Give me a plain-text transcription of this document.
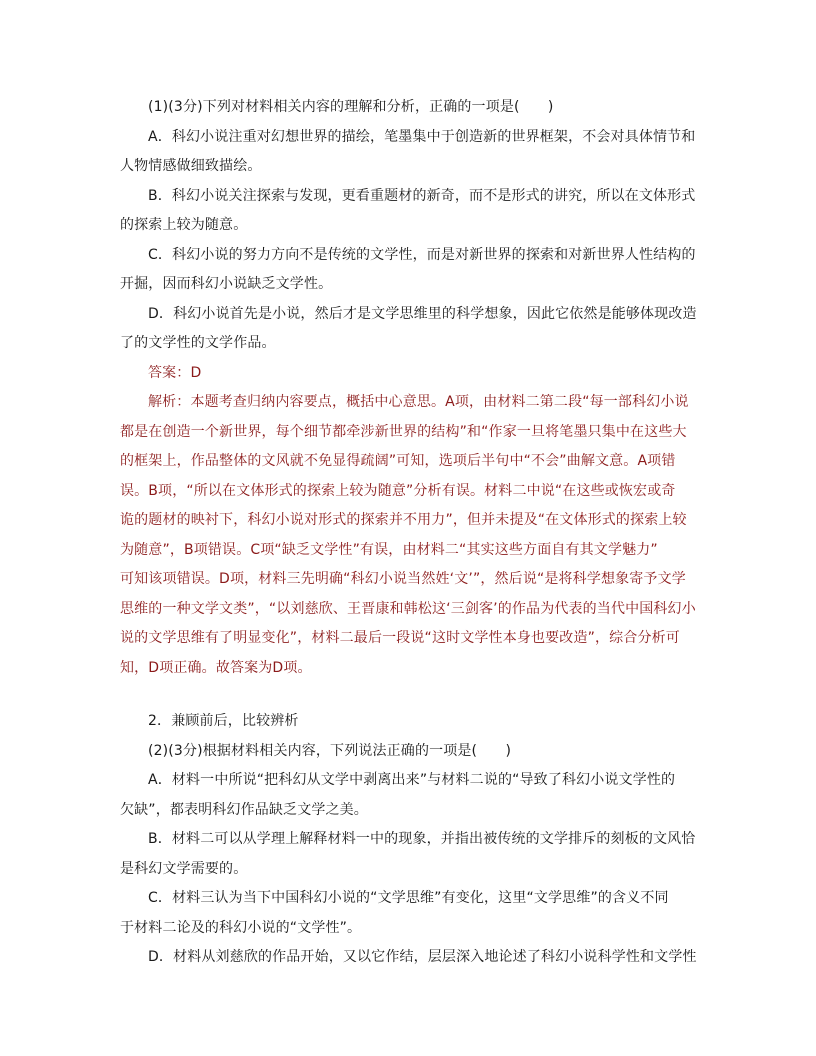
(1)(3分)下列对材料相关内容的理解和分析，正确的一项是(　　)
A．科幻小说注重对幻想世界的描绘，笔墨集中于创造新的世界框架，不会对具体情节和
人物情感做细致描绘。
B．科幻小说关注探索与发现，更看重题材的新奇，而不是形式的讲究，所以在文体形式
的探索上较为随意。
C．科幻小说的努力方向不是传统的文学性，而是对新世界的探索和对新世界人性结构的
开掘，因而科幻小说缺乏文学性。
D．科幻小说首先是小说，然后才是文学思维里的科学想象，因此它依然是能够体现改造
了的文学性的文学作品。
答案：D
解析：本题考查归纳内容要点，概括中心意思。A项，由材料二第二段“每一部科幻小说
都是在创造一个新世界，每个细节都牵涉新世界的结构”和“作家一旦将笔墨只集中在这些大
的框架上，作品整体的文风就不免显得疏阔”可知，选项后半句中“不会”曲解文意。A项错
误。B项，“所以在文体形式的探索上较为随意”分析有误。材料二中说“在这些或恢宏或奇
诡的题材的映衬下，科幻小说对形式的探索并不用力”，但并未提及“在文体形式的探索上较
为随意”，B项错误。C项“缺乏文学性”有误，由材料二“其实这些方面自有其文学魅力”
可知该项错误。D项，材料三先明确“科幻小说当然姓‘文’”，然后说“是将科学想象寄予文学
思维的一种文学文类”，“以刘慈欣、王晋康和韩松这‘三剑客’的作品为代表的当代中国科幻小
说的文学思维有了明显变化”，材料二最后一段说“这时文学性本身也要改造”，综合分析可
知，D项正确。故答案为D项。
2．兼顾前后，比较辨析
(2)(3分)根据材料相关内容，下列说法正确的一项是(　　)
A．材料一中所说“把科幻从文学中剥离出来”与材料二说的“导致了科幻小说文学性的
欠缺”，都表明科幻作品缺乏文学之美。
B．材料二可以从学理上解释材料一中的现象，并指出被传统的文学排斥的刻板的文风恰
是科幻文学需要的。
C．材料三认为当下中国科幻小说的“文学思维”有变化，这里“文学思维”的含义不同
于材料二论及的科幻小说的“文学性”。
D．材料从刘慈欣的作品开始，又以它作结，层层深入地论述了科幻小说科学性和文学性
